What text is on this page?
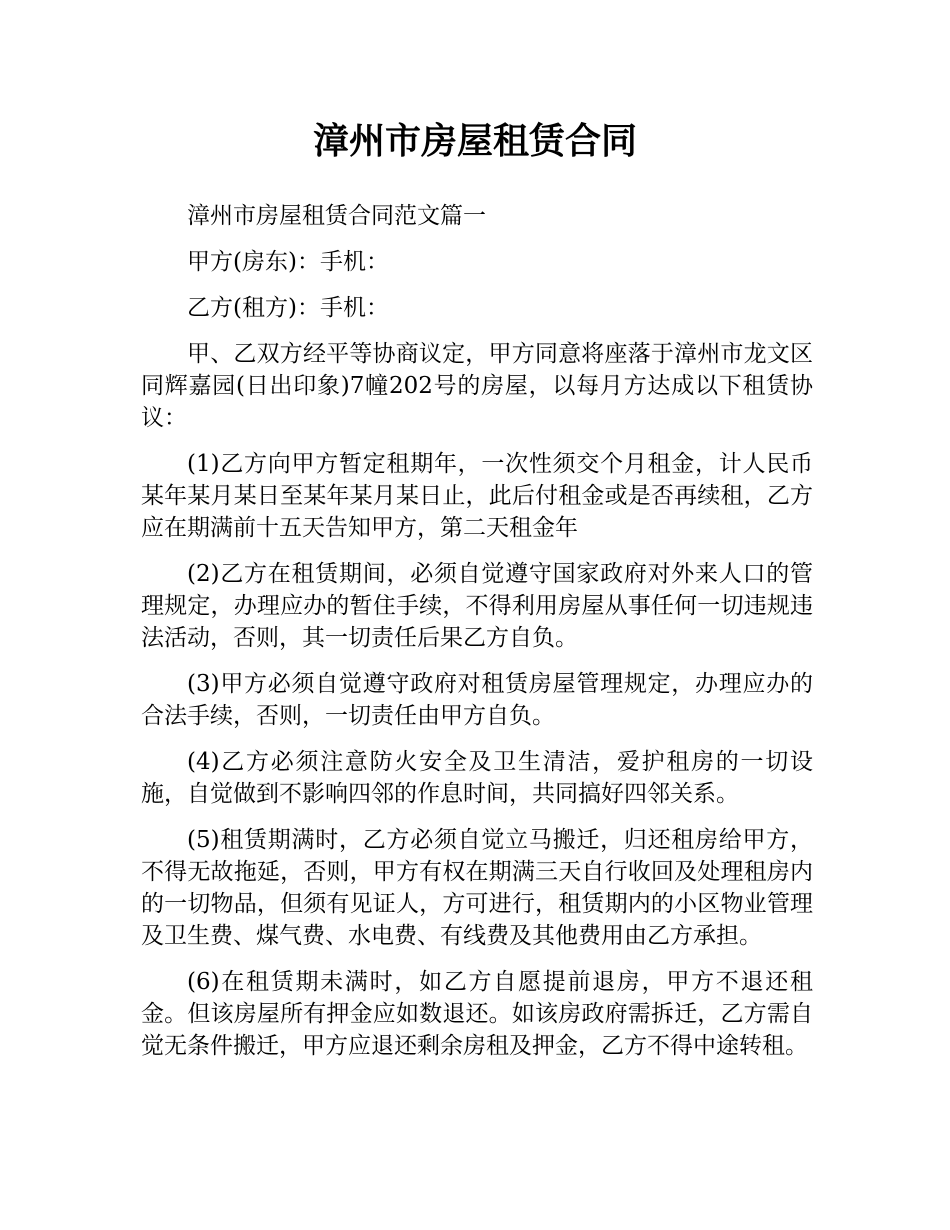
漳州市房屋租赁合同

漳州市房屋租赁合同范文篇一

甲方(房东)：手机：

乙方(租方)：手机：

甲、乙双方经平等协商议定，甲方同意将座落于漳州市龙文区同辉嘉园(日出印象)7幢202号的房屋，以每月方达成以下租赁协议：

(1)乙方向甲方暂定租期年，一次性须交个月租金，计人民币某年某月某日至某年某月某日止，此后付租金或是否再续租，乙方应在期满前十五天告知甲方，第二天租金年

(2)乙方在租赁期间，必须自觉遵守国家政府对外来人口的管理规定，办理应办的暂住手续，不得利用房屋从事任何一切违规违法活动，否则，其一切责任后果乙方自负。

(3)甲方必须自觉遵守政府对租赁房屋管理规定，办理应办的合法手续，否则，一切责任由甲方自负。

(4)乙方必须注意防火安全及卫生清洁，爱护租房的一切设施，自觉做到不影响四邻的作息时间，共同搞好四邻关系。

(5)租赁期满时，乙方必须自觉立马搬迁，归还租房给甲方，不得无故拖延，否则，甲方有权在期满三天自行收回及处理租房内的一切物品，但须有见证人，方可进行，租赁期内的小区物业管理及卫生费、煤气费、水电费、有线费及其他费用由乙方承担。

(6)在租赁期未满时，如乙方自愿提前退房，甲方不退还租金。但该房屋所有押金应如数退还。如该房政府需拆迁，乙方需自觉无条件搬迁，甲方应退还剩余房租及押金，乙方不得中途转租。
